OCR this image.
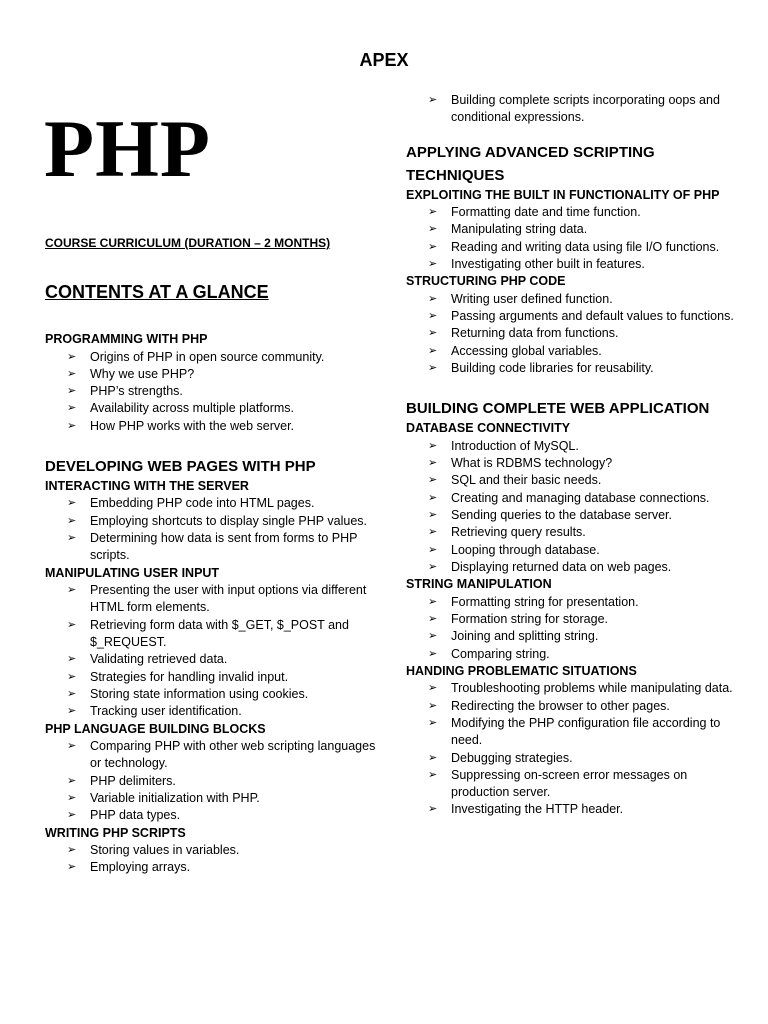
APEX
PHP
COURSE CURRICULUM (DURATION – 2 MONTHS)
CONTENTS AT A GLANCE
PROGRAMMING WITH PHP
➢ Origins of PHP in open source community.
➢ Why we use PHP?
➢ PHP’s strengths.
➢ Availability across multiple platforms.
➢ How PHP works with the web server.
DEVELOPING WEB PAGES WITH PHP
INTERACTING WITH THE SERVER
➢ Embedding PHP code into HTML pages.
➢ Employing shortcuts to display single PHP values.
➢ Determining how data is sent from forms to PHP scripts.
MANIPULATING USER INPUT
➢ Presenting the user with input options via different HTML form elements.
➢ Retrieving form data with $_GET, $_POST and $_REQUEST.
➢ Validating retrieved data.
➢ Strategies for handling invalid input.
➢ Storing state information using cookies.
➢ Tracking user identification.
PHP LANGUAGE BUILDING BLOCKS
➢ Comparing PHP with other web scripting languages or technology.
➢ PHP delimiters.
➢ Variable initialization with PHP.
➢ PHP data types.
WRITING PHP SCRIPTS
➢ Storing values in variables.
➢ Employing arrays.
➢ Building complete scripts incorporating oops and conditional expressions.
APPLYING ADVANCED SCRIPTING TECHNIQUES
EXPLOITING THE BUILT IN FUNCTIONALITY OF PHP
➢ Formatting date and time function.
➢ Manipulating string data.
➢ Reading and writing data using file I/O functions.
➢ Investigating other built in features.
STRUCTURING PHP CODE
➢ Writing user defined function.
➢ Passing arguments and default values to functions.
➢ Returning data from functions.
➢ Accessing global variables.
➢ Building code libraries for reusability.
BUILDING COMPLETE WEB APPLICATION
DATABASE CONNECTIVITY
➢ Introduction of MySQL.
➢ What is RDBMS technology?
➢ SQL and their basic needs.
➢ Creating and managing database connections.
➢ Sending queries to the database server.
➢ Retrieving query results.
➢ Looping through database.
➢ Displaying returned data on web pages.
STRING MANIPULATION
➢ Formatting string for presentation.
➢ Formation string for storage.
➢ Joining and splitting string.
➢ Comparing string.
HANDING PROBLEMATIC SITUATIONS
➢ Troubleshooting problems while manipulating data.
➢ Redirecting the browser to other pages.
➢ Modifying the PHP configuration file according to need.
➢ Debugging strategies.
➢ Suppressing on-screen error messages on production server.
➢ Investigating the HTTP header.
